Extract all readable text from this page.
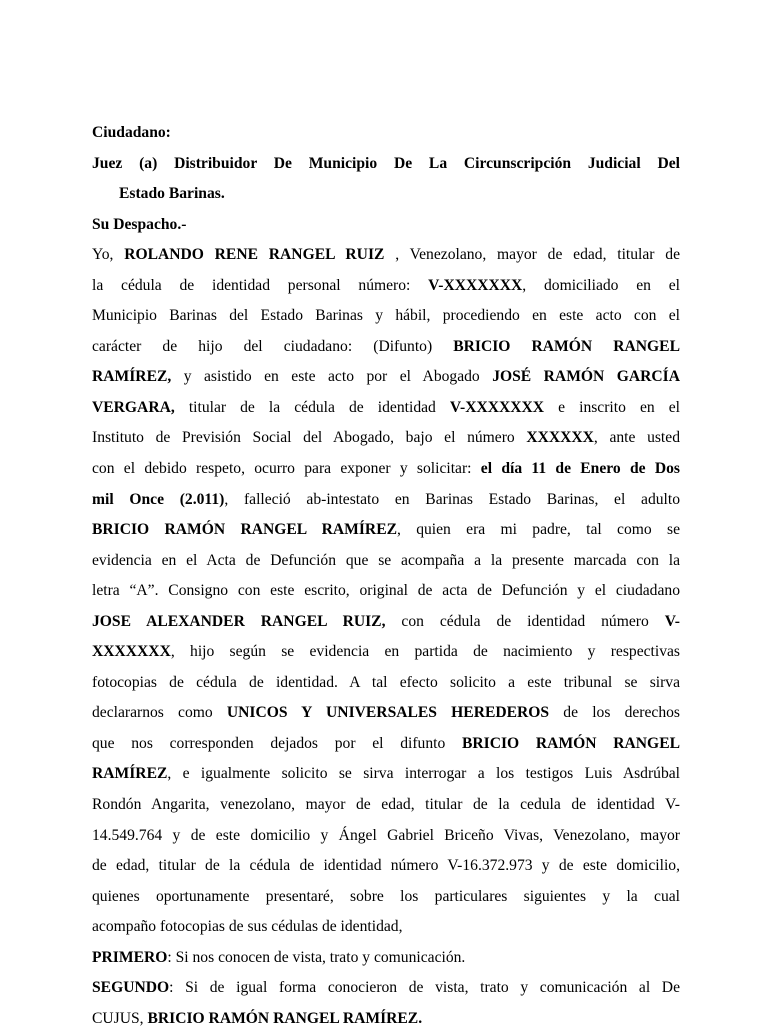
Ciudadano:
Juez (a) Distribuidor De Municipio De La Circunscripción Judicial Del
Estado Barinas.
Su Despacho.-
Yo, ROLANDO RENE RANGEL RUIZ , Venezolano, mayor de edad, titular de
la cédula de identidad personal número: V-XXXXXXX, domiciliado en el
Municipio Barinas del Estado Barinas y hábil, procediendo en este acto con el
carácter de hijo del ciudadano: (Difunto) BRICIO RAMÓN RANGEL
RAMÍREZ, y asistido en este acto por el Abogado JOSÉ RAMÓN GARCÍA
VERGARA, titular de la cédula de identidad V-XXXXXXX e inscrito en el
Instituto de Previsión Social del Abogado, bajo el número XXXXXX, ante usted
con el debido respeto, ocurro para exponer y solicitar: el día 11 de Enero de Dos
mil Once (2.011), falleció ab-intestato en Barinas Estado Barinas, el adulto
BRICIO RAMÓN RANGEL RAMÍREZ, quien era mi padre, tal como se
evidencia en el Acta de Defunción que se acompaña a la presente marcada con la
letra “A”. Consigno con este escrito, original de acta de Defunción y el ciudadano
JOSE ALEXANDER RANGEL RUIZ, con cédula de identidad número V-
XXXXXXX, hijo según se evidencia en partida de nacimiento y respectivas
fotocopias de cédula de identidad. A tal efecto solicito a este tribunal se sirva
declararnos como UNICOS Y UNIVERSALES HEREDEROS de los derechos
que nos corresponden dejados por el difunto BRICIO RAMÓN RANGEL
RAMÍREZ, e igualmente solicito se sirva interrogar a los testigos Luis Asdrúbal
Rondón Angarita, venezolano, mayor de edad, titular de la cedula de identidad V-
14.549.764 y de este domicilio y Ángel Gabriel Briceño Vivas, Venezolano, mayor
de edad, titular de la cédula de identidad número V-16.372.973 y de este domicilio,
quienes oportunamente presentaré, sobre los particulares siguientes y la cual
acompaño fotocopias de sus cédulas de identidad,
PRIMERO: Si nos conocen de vista, trato y comunicación.
SEGUNDO: Si de igual forma conocieron de vista, trato y comunicación al De
CUJUS, BRICIO RAMÓN RANGEL RAMÍREZ.
